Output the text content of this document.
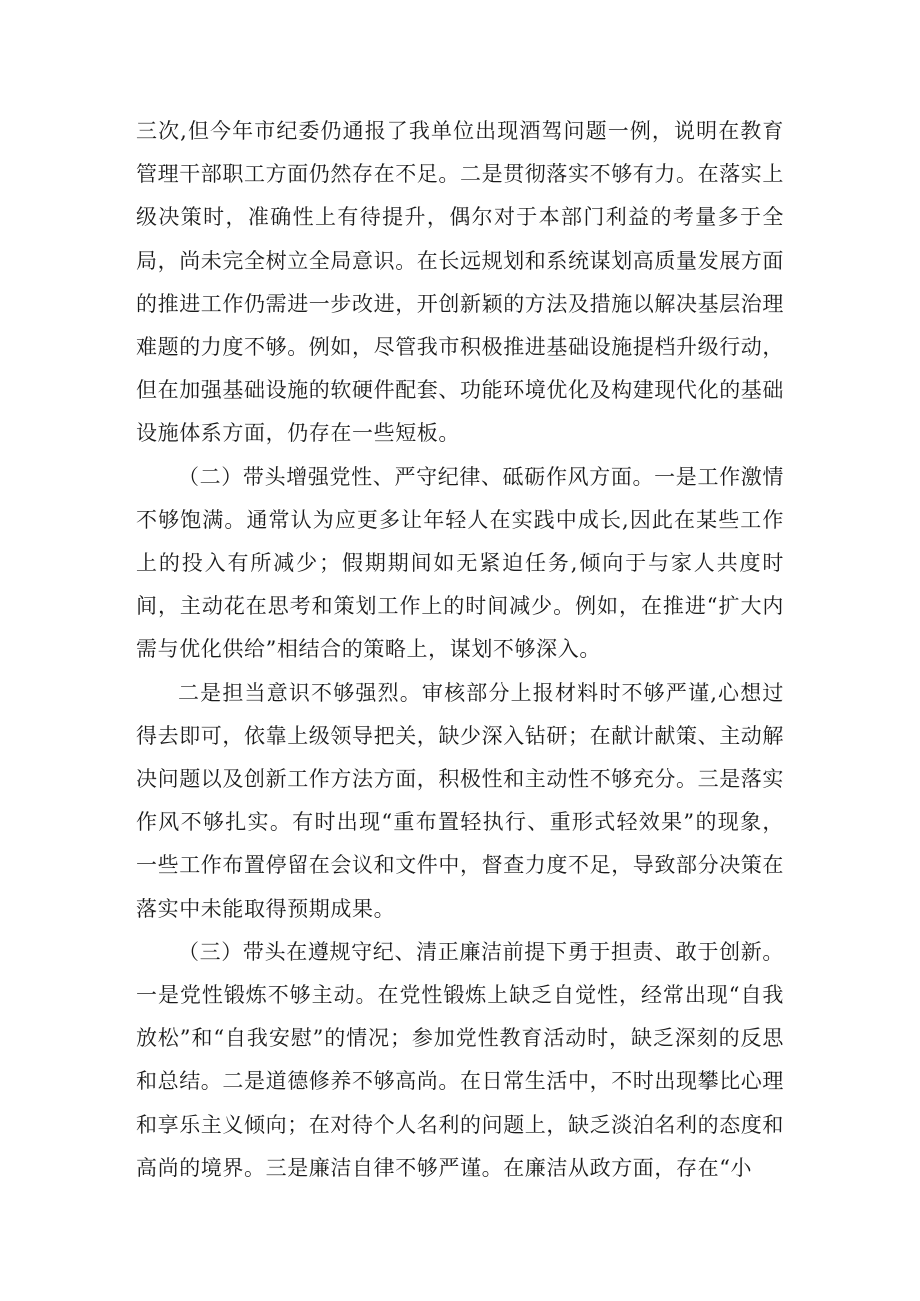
三次,但今年市纪委仍通报了我单位出现酒驾问题一例，说明在教育管理干部职工方面仍然存在不足。二是贯彻落实不够有力。在落实上级决策时，准确性上有待提升，偶尔对于本部门利益的考量多于全局，尚未完全树立全局意识。在长远规划和系统谋划高质量发展方面的推进工作仍需进一步改进，开创新颖的方法及措施以解决基层治理难题的力度不够。例如，尽管我市积极推进基础设施提档升级行动，但在加强基础设施的软硬件配套、功能环境优化及构建现代化的基础设施体系方面，仍存在一些短板。

（二）带头增强党性、严守纪律、砥砺作风方面。一是工作激情不够饱满。通常认为应更多让年轻人在实践中成长,因此在某些工作上的投入有所减少；假期期间如无紧迫任务,倾向于与家人共度时间，主动花在思考和策划工作上的时间减少。例如，在推进“扩大内需与优化供给”相结合的策略上，谋划不够深入。

二是担当意识不够强烈。审核部分上报材料时不够严谨,心想过得去即可，依靠上级领导把关，缺少深入钻研；在献计献策、主动解决问题以及创新工作方法方面，积极性和主动性不够充分。三是落实作风不够扎实。有时出现“重布置轻执行、重形式轻效果”的现象，一些工作布置停留在会议和文件中，督查力度不足，导致部分决策在落实中未能取得预期成果。

（三）带头在遵规守纪、清正廉洁前提下勇于担责、敢于创新。一是党性锻炼不够主动。在党性锻炼上缺乏自觉性，经常出现“自我放松”和“自我安慰”的情况；参加党性教育活动时，缺乏深刻的反思和总结。二是道德修养不够高尚。在日常生活中，不时出现攀比心理和享乐主义倾向；在对待个人名利的问题上，缺乏淡泊名利的态度和高尚的境界。三是廉洁自律不够严谨。在廉洁从政方面，存在“小
